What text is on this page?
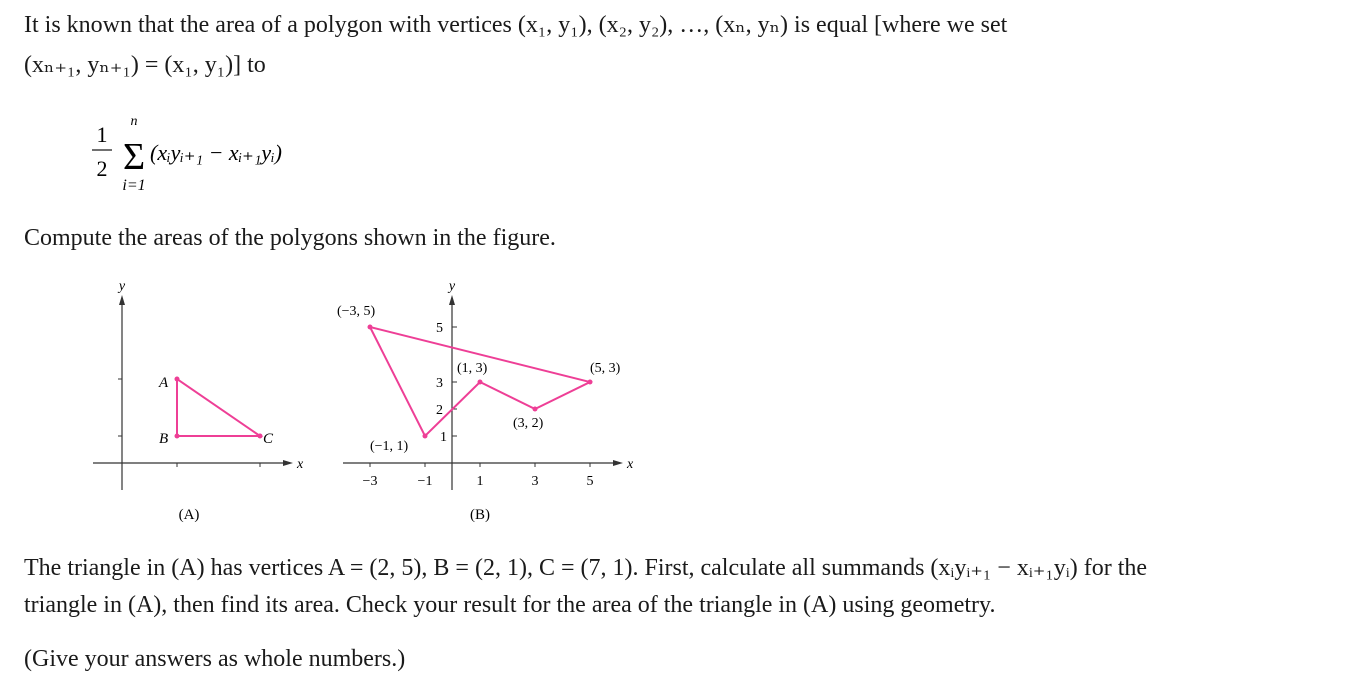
It is known that the area of a polygon with vertices (x₁, y₁), (x₂, y₂), …, (xₙ, yₙ) is equal [where we set
(xₙ₊₁, yₙ₊₁) = (x₁, y₁)] to
1
2
n
Σ
i=1
(xᵢyᵢ₊₁ − xᵢ₊₁yᵢ)
Compute the areas of the polygons shown in the figure.
y
x
A
B	C
(A)
y
x
−3	−1	1	3	5
5
3
2
1
(−3, 5)
(1, 3)	(5, 3)
(3, 2)
(−1, 1)
(B)
The triangle in (A) has vertices A = (2, 5), B = (2, 1), C = (7, 1). First, calculate all summands (xᵢyᵢ₊₁ − xᵢ₊₁yᵢ) for the
triangle in (A), then find its area. Check your result for the area of the triangle in (A) using geometry.
(Give your answers as whole numbers.)
